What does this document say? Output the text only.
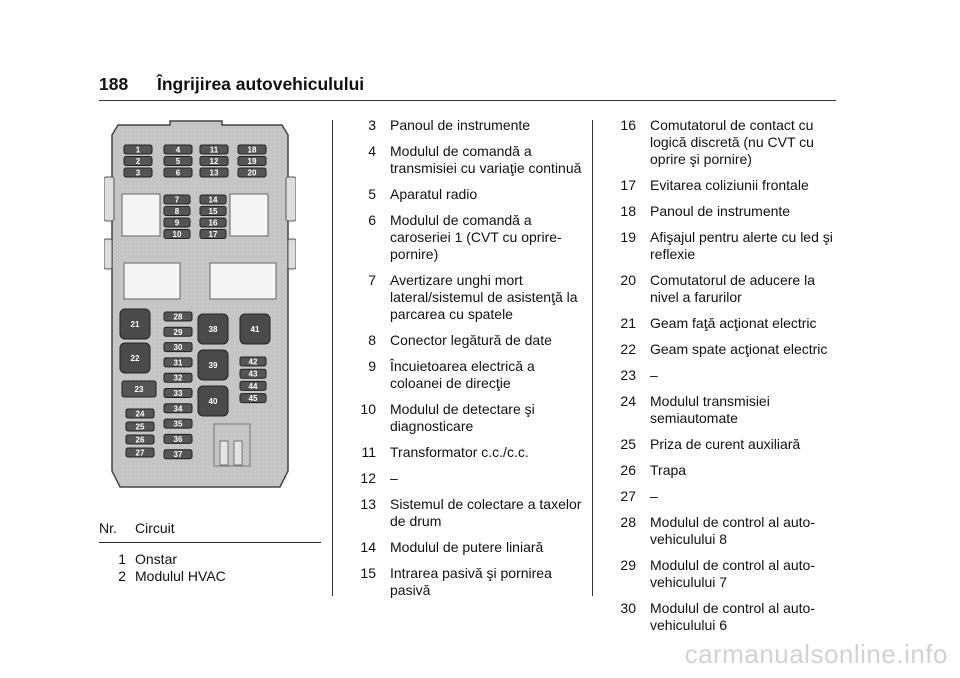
188 Îngrijirea autovehiculului
1
2
3
4
5
6
11
12
13
18
19
20
7
8
9
10
14
15
16
17
21
22
28
29
30
31
32
33
34
35
36
37
38
39
40
41
42
43
44
45
23
24
25
26
27
Nr.	Circuit
1 Onstar
2 Modulul HVAC
3	Panoul de instrumente
4	Modulul de comandă a transmisiei cu variaţie continuă
5	Aparatul radio
6	Modulul de comandă a caroseriei 1 (CVT cu oprire-pornire)
7	Avertizare unghi mort lateral/sistemul de asistenţă la parcarea cu spatele
8	Conector legătură de date
9	Încuietoarea electrică a coloanei de direcţie
10	Modulul de detectare şi diagnosticare
11	Transformator c.c./c.c.
12	–
13	Sistemul de colectare a taxelor de drum
14	Modulul de putere liniară
15	Intrarea pasivă şi pornirea pasivă
16	Comutatorul de contact cu logică discretă (nu CVT cu oprire şi pornire)
17	Evitarea coliziunii frontale
18	Panoul de instrumente
19	Afişajul pentru alerte cu led şi reflexie
20	Comutatorul de aducere la nivel a farurilor
21	Geam faţă acţionat electric
22	Geam spate acţionat electric
23	–
24	Modulul transmisiei semiautomate
25	Priza de curent auxiliară
26	Trapa
27	–
28	Modulul de control al auto-vehiculului 8
29	Modulul de control al auto-vehiculului 7
30	Modulul de control al auto-vehiculului 6
carmanualsonline.info
